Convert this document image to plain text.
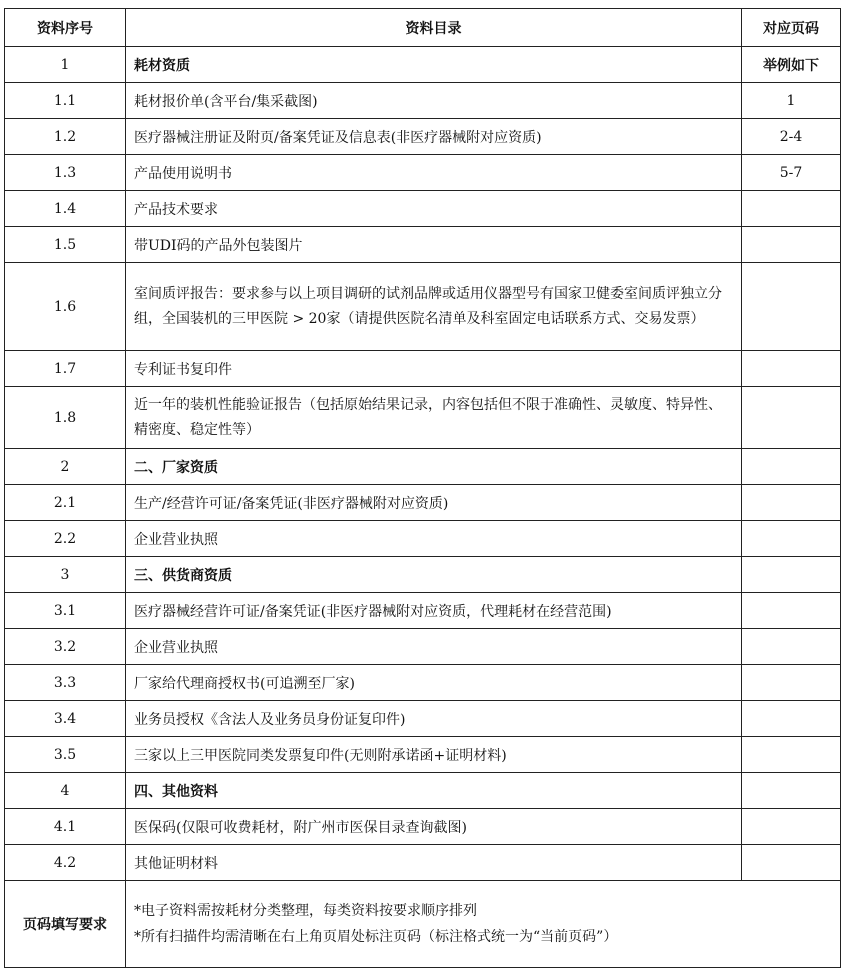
资料序号	资料目录	对应页码
1	耗材资质	举例如下
1.1	耗材报价单(含平台/集采截图)	1
1.2	医疗器械注册证及附页/备案凭证及信息表(非医疗器械附对应资质)	2-4
1.3	产品使用说明书	5-7
1.4	产品技术要求	
1.5	带UDI码的产品外包装图片	
1.6	室间质评报告：要求参与以上项目调研的试剂品牌或适用仪器型号有国家卫健委室间质评独立分组，全国装机的三甲医院 > 20家（请提供医院名清单及科室固定电话联系方式、交易发票）	
1.7	专利证书复印件	
1.8	近一年的装机性能验证报告（包括原始结果记录，内容包括但不限于准确性、灵敏度、特异性、精密度、稳定性等）	
2	二、厂家资质	
2.1	生产/经营许可证/备案凭证(非医疗器械附对应资质)	
2.2	企业营业执照	
3	三、供货商资质	
3.1	医疗器械经营许可证/备案凭证(非医疗器械附对应资质，代理耗材在经营范围)	
3.2	企业营业执照	
3.3	厂家给代理商授权书(可追溯至厂家)	
3.4	业务员授权《含法人及业务员身份证复印件)	
3.5	三家以上三甲医院同类发票复印件(无则附承诺函+证明材料)	
4	四、其他资料	
4.1	医保码(仅限可收费耗材，附广州市医保目录查询截图)	
4.2	其他证明材料	
页码填写要求	*电子资料需按耗材分类整理，每类资料按要求顺序排列
*所有扫描件均需清晰在右上角页眉处标注页码（标注格式统一为“当前页码”）	
